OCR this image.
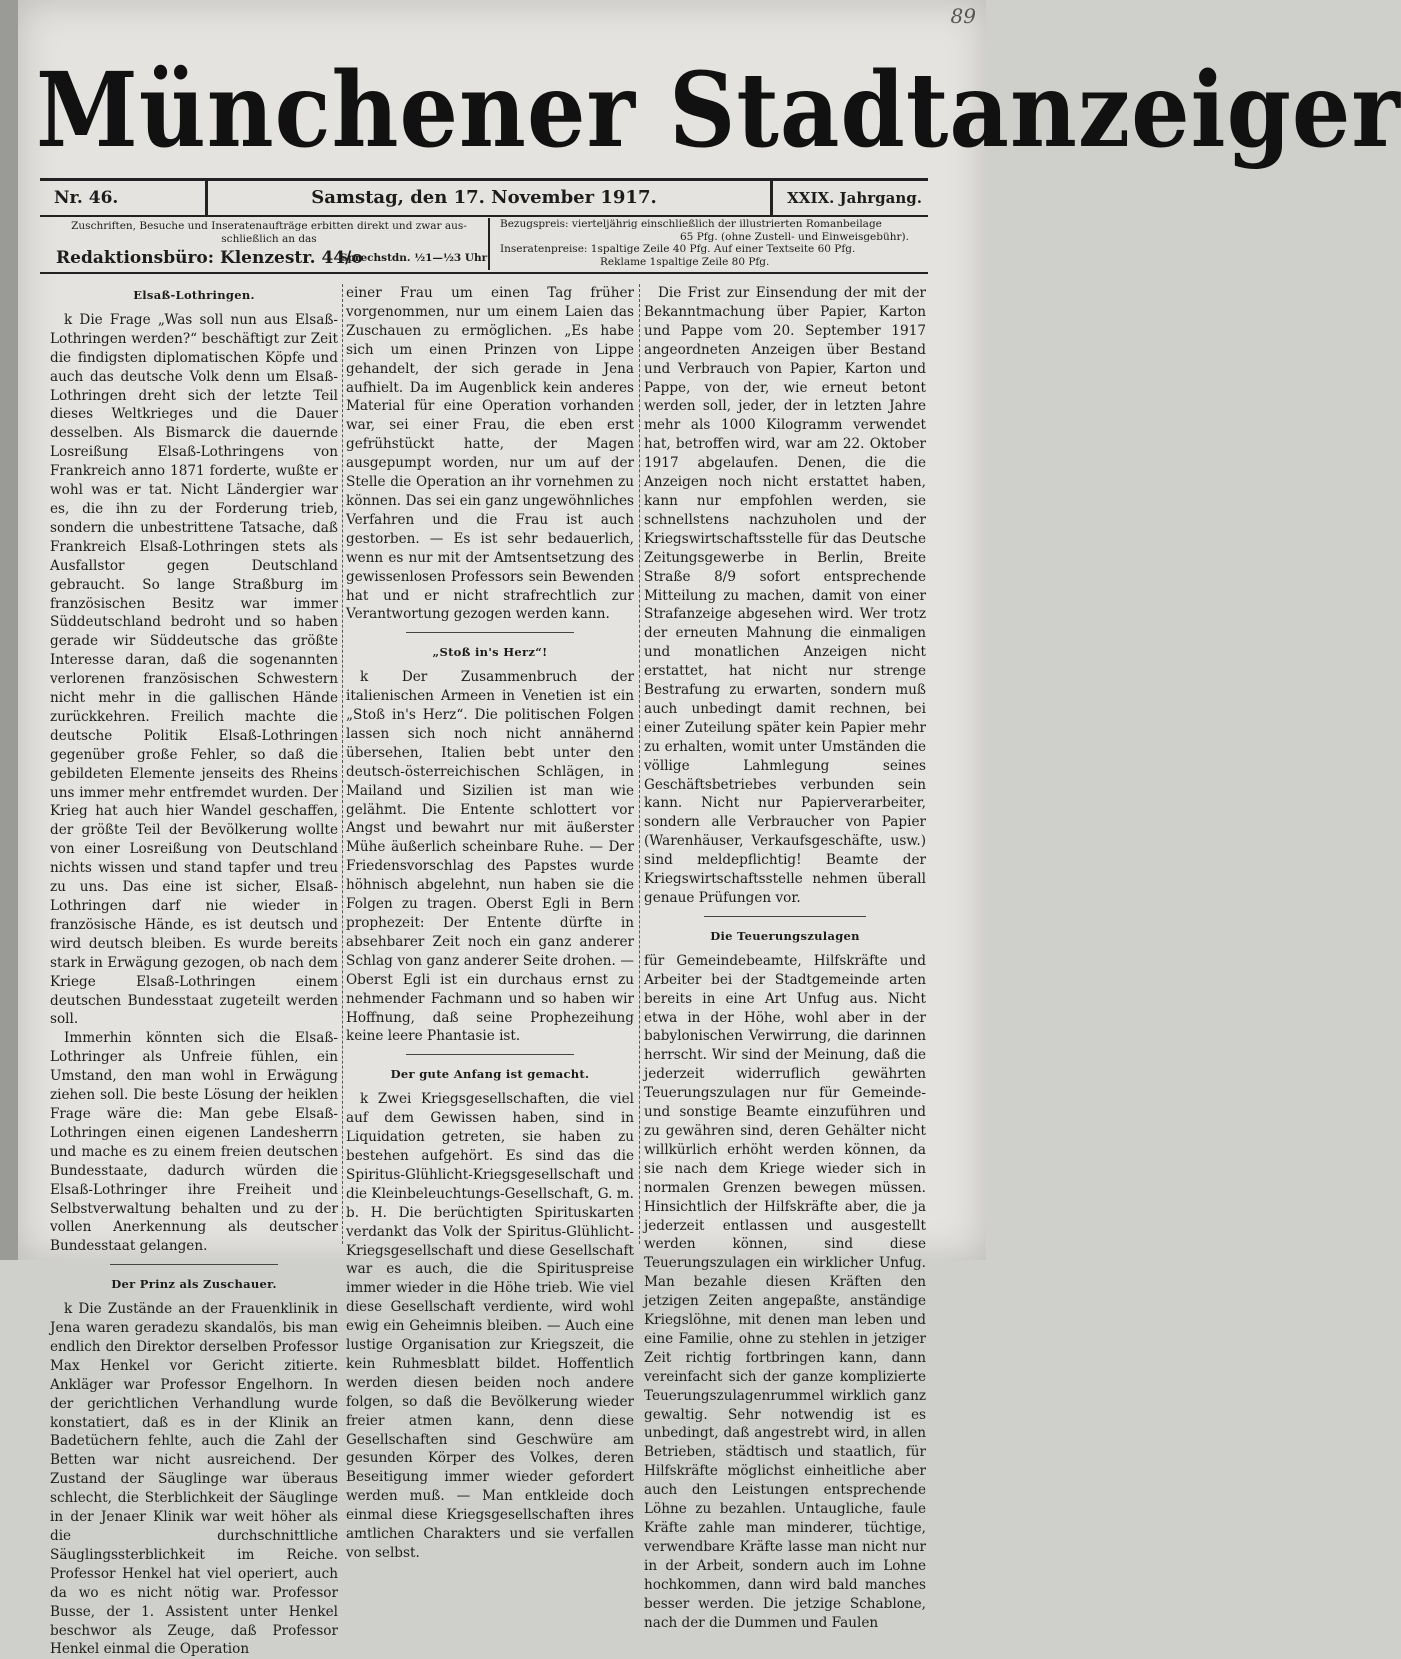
89
Münchener Stadtanzeiger
Nr. 46.	Samstag, den 17. November 1917.	XXIX. Jahrgang.
Zuschriften, Besuche und Inseratenaufträge erbitten direkt und zwar aus-
schließlich an das
Redaktionsbüro: Klenzestr. 44/o
Sprechstdn. ½1—½3 Uhr
Bezugspreis: vierteljährig einschließlich der illustrierten Romanbeilage
65 Pfg. (ohne Zustell- und Einweisgebühr).
Inseratenpreise: 1spaltige Zeile 40 Pfg. Auf einer Textseite 60 Pfg.
Reklame 1spaltige Zeile 80 Pfg.
Elsaß-Lothringen.

k Die Frage „Was soll nun aus Elsaß-Lothringen werden?“ beschäftigt zur Zeit die findigsten diplomatischen Köpfe und auch das deutsche Volk denn um Elsaß-Lothringen dreht sich der letzte Teil dieses Weltkrieges und die Dauer desselben. Als Bismarck die dauernde Losreißung Elsaß-Lothringens von Frankreich anno 1871 forderte, wußte er wohl was er tat. Nicht Ländergier war es, die ihn zu der Forderung trieb, sondern die unbestrittene Tatsache, daß Frankreich Elsaß-Lothringen stets als Ausfallstor gegen Deutschland gebraucht. So lange Straßburg im französischen Besitz war immer Süddeutschland bedroht und so haben gerade wir Süddeutsche das größte Interesse daran, daß die sogenannten verlorenen französischen Schwestern nicht mehr in die gallischen Hände zurückkehren. Freilich machte die deutsche Politik Elsaß-Lothringen gegenüber große Fehler, so daß die gebildeten Elemente jenseits des Rheins uns immer mehr entfremdet wurden. Der Krieg hat auch hier Wandel geschaffen, der größte Teil der Bevölkerung wollte von einer Losreißung von Deutschland nichts wissen und stand tapfer und treu zu uns. Das eine ist sicher, Elsaß-Lothringen darf nie wieder in französische Hände, es ist deutsch und wird deutsch bleiben. Es wurde bereits stark in Erwägung gezogen, ob nach dem Kriege Elsaß-Lothringen einem deutschen Bundesstaat zugeteilt werden soll.

Immerhin könnten sich die Elsaß-Lothringer als Unfreie fühlen, ein Umstand, den man wohl in Erwägung ziehen soll. Die beste Lösung der heiklen Frage wäre die: Man gebe Elsaß-Lothringen einen eigenen Landesherrn und mache es zu einem freien deutschen Bundesstaate, dadurch würden die Elsaß-Lothringer ihre Freiheit und Selbstverwaltung behalten und zu der vollen Anerkennung als deutscher Bundesstaat gelangen.

Der Prinz als Zuschauer.

k Die Zustände an der Frauenklinik in Jena waren geradezu skandalös, bis man endlich den Direktor derselben Professor Max Henkel vor Gericht zitierte. Ankläger war Professor Engelhorn. In der gerichtlichen Verhandlung wurde konstatiert, daß es in der Klinik an Badetüchern fehlte, auch die Zahl der Betten war nicht ausreichend. Der Zustand der Säuglinge war überaus schlecht, die Sterblichkeit der Säuglinge in der Jenaer Klinik war weit höher als die durchschnittliche Säuglingssterblichkeit im Reiche. Professor Henkel hat viel operiert, auch da wo es nicht nötig war. Professor Busse, der 1. Assistent unter Henkel beschwor als Zeuge, daß Professor Henkel einmal die Operation

einer Frau um einen Tag früher vorgenommen, nur um einem Laien das Zuschauen zu ermöglichen. „Es habe sich um einen Prinzen von Lippe gehandelt, der sich gerade in Jena aufhielt. Da im Augenblick kein anderes Material für eine Operation vorhanden war, sei einer Frau, die eben erst gefrühstückt hatte, der Magen ausgepumpt worden, nur um auf der Stelle die Operation an ihr vornehmen zu können. Das sei ein ganz ungewöhnliches Verfahren und die Frau ist auch gestorben. — Es ist sehr bedauerlich, wenn es nur mit der Amtsentsetzung des gewissenlosen Professors sein Bewenden hat und er nicht strafrechtlich zur Verantwortung gezogen werden kann.

„Stoß in's Herz“!

k Der Zusammenbruch der italienischen Armeen in Venetien ist ein „Stoß in's Herz“. Die politischen Folgen lassen sich noch nicht annähernd übersehen, Italien bebt unter den deutsch-österreichischen Schlägen, in Mailand und Sizilien ist man wie gelähmt. Die Entente schlottert vor Angst und bewahrt nur mit äußerster Mühe äußerlich scheinbare Ruhe. — Der Friedensvorschlag des Papstes wurde höhnisch abgelehnt, nun haben sie die Folgen zu tragen. Oberst Egli in Bern prophezeit: Der Entente dürfte in absehbarer Zeit noch ein ganz anderer Schlag von ganz anderer Seite drohen. — Oberst Egli ist ein durchaus ernst zu nehmender Fachmann und so haben wir Hoffnung, daß seine Prophezeihung keine leere Phantasie ist.

Der gute Anfang ist gemacht.

k Zwei Kriegsgesellschaften, die viel auf dem Gewissen haben, sind in Liquidation getreten, sie haben zu bestehen aufgehört. Es sind das die Spiritus-Glühlicht-Kriegsgesellschaft und die Kleinbeleuchtungs-Gesellschaft, G. m. b. H. Die berüchtigten Spirituskarten verdankt das Volk der Spiritus-Glühlicht-Kriegsgesellschaft und diese Gesellschaft war es auch, die die Spirituspreise immer wieder in die Höhe trieb. Wie viel diese Gesellschaft verdiente, wird wohl ewig ein Geheimnis bleiben. — Auch eine lustige Organisation zur Kriegszeit, die kein Ruhmesblatt bildet. Hoffentlich werden diesen beiden noch andere folgen, so daß die Bevölkerung wieder freier atmen kann, denn diese Gesellschaften sind Geschwüre am gesunden Körper des Volkes, deren Beseitigung immer wieder gefordert werden muß. — Man entkleide doch einmal diese Kriegsgesellschaften ihres amtlichen Charakters und sie verfallen von selbst.

Die Frist zur Einsendung der mit der Bekanntmachung über Papier, Karton und Pappe vom 20. September 1917 angeordneten Anzeigen über Bestand und Verbrauch von Papier, Karton und Pappe, von der, wie erneut betont werden soll, jeder, der in letzten Jahre mehr als 1000 Kilogramm verwendet hat, betroffen wird, war am 22. Oktober 1917 abgelaufen. Denen, die die Anzeigen noch nicht erstattet haben, kann nur empfohlen werden, sie schnellstens nachzuholen und der Kriegswirtschaftsstelle für das Deutsche Zeitungsgewerbe in Berlin, Breite Straße 8/9 sofort entsprechende Mitteilung zu machen, damit von einer Strafanzeige abgesehen wird. Wer trotz der erneuten Mahnung die einmaligen und monatlichen Anzeigen nicht erstattet, hat nicht nur strenge Bestrafung zu erwarten, sondern muß auch unbedingt damit rechnen, bei einer Zuteilung später kein Papier mehr zu erhalten, womit unter Umständen die völlige Lahmlegung seines Geschäftsbetriebes verbunden sein kann. Nicht nur Papierverarbeiter, sondern alle Verbraucher von Papier (Warenhäuser, Verkaufsgeschäfte, usw.) sind meldepflichtig! Beamte der Kriegswirtschaftsstelle nehmen überall genaue Prüfungen vor.

Die Teuerungszulagen

für Gemeindebeamte, Hilfskräfte und Arbeiter bei der Stadtgemeinde arten bereits in eine Art Unfug aus. Nicht etwa in der Höhe, wohl aber in der babylonischen Verwirrung, die darinnen herrscht. Wir sind der Meinung, daß die jederzeit widerruflich gewährten Teuerungszulagen nur für Gemeinde- und sonstige Beamte einzuführen und zu gewähren sind, deren Gehälter nicht willkürlich erhöht werden können, da sie nach dem Kriege wieder sich in normalen Grenzen bewegen müssen. Hinsichtlich der Hilfskräfte aber, die ja jederzeit entlassen und ausgestellt werden können, sind diese Teuerungszulagen ein wirklicher Unfug. Man bezahle diesen Kräften den jetzigen Zeiten angepaßte, anständige Kriegslöhne, mit denen man leben und eine Familie, ohne zu stehlen in jetziger Zeit richtig fortbringen kann, dann vereinfacht sich der ganze komplizierte Teuerungszulagenrummel wirklich ganz gewaltig. Sehr notwendig ist es unbedingt, daß angestrebt wird, in allen Betrieben, städtisch und staatlich, für Hilfskräfte möglichst einheitliche aber auch den Leistungen entsprechende Löhne zu bezahlen. Untaugliche, faule Kräfte zahle man minderer, tüchtige, verwendbare Kräfte lasse man nicht nur in der Arbeit, sondern auch im Lohne hochkommen, dann wird bald manches besser werden. Die jetzige Schablone, nach der die Dummen und Faulen
